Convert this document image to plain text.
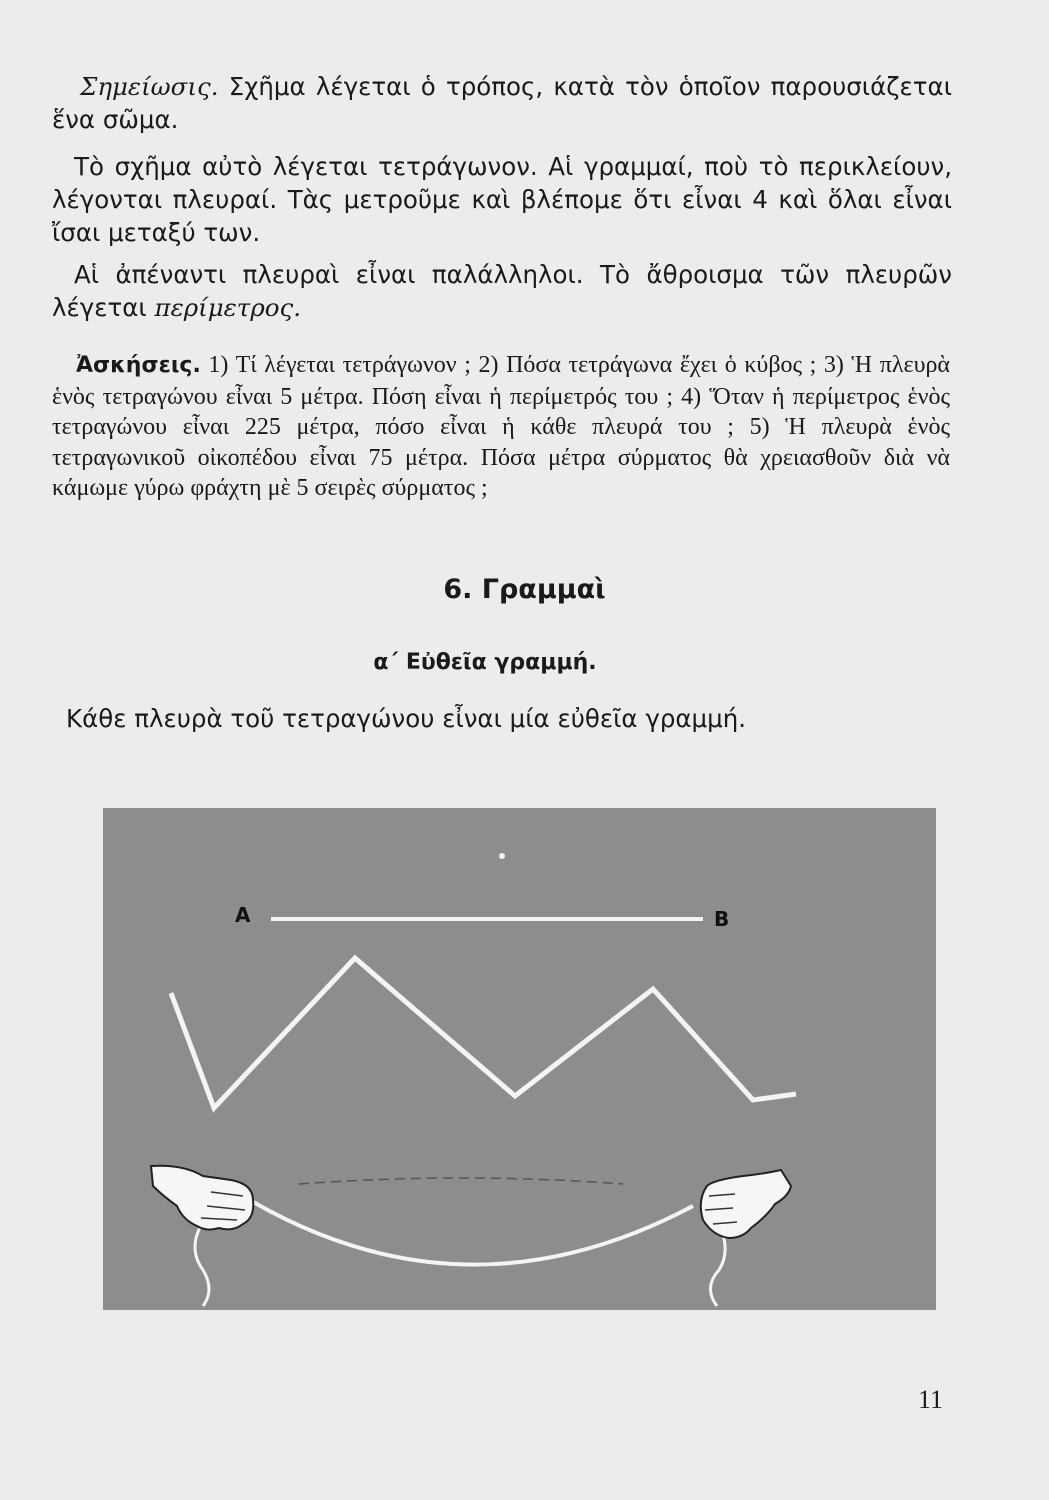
Σημείωσις. Σχῆμα λέγεται ὁ τρόπος, κατὰ τὸν ὁποῖον παρουσιάζεται ἕνα σῶμα.
Τὸ σχῆμα αὐτὸ λέγεται τετράγωνον. Αἱ γραμμαί, ποὺ τὸ περικλείουν, λέγονται πλευραί. Τὰς μετροῦμε καὶ βλέπομε ὅτι εἶναι 4 καὶ ὅλαι εἶναι ἴσαι μεταξύ των.
Αἱ ἀπέναντι πλευραὶ εἶναι παλάλληλοι. Τὸ ἄθροισμα τῶν πλευρῶν λέγεται περίμετρος.
Ἀσκήσεις. 1) Τί λέγεται τετράγωνον ; 2) Πόσα τετράγωνα ἔχει ὁ κύβος ; 3) Ἡ πλευρὰ ἑνὸς τετραγώνου εἶναι 5 μέτρα. Πόση εἶναι ἡ περίμετρός του ; 4) Ὅταν ἡ περίμετρος ἑνὸς τετραγώνου εἶναι 225 μέτρα, πόσο εἶναι ἡ κάθε πλευρά του ; 5) Ἡ πλευρὰ ἑνὸς τετραγωνικοῦ οἰκοπέδου εἶναι 75 μέτρα. Πόσα μέτρα σύρματος θὰ χρειασθοῦν διὰ νὰ κάμωμε γύρω φράχτη μὲ 5 σειρὲς σύρματος ;
6. Γραμμαὶ
α΄ Εὐθεῖα γραμμή.
Κάθε πλευρὰ τοῦ τετραγώνου εἶναι μία εὐθεῖα γραμμή.
Α	Β
11
